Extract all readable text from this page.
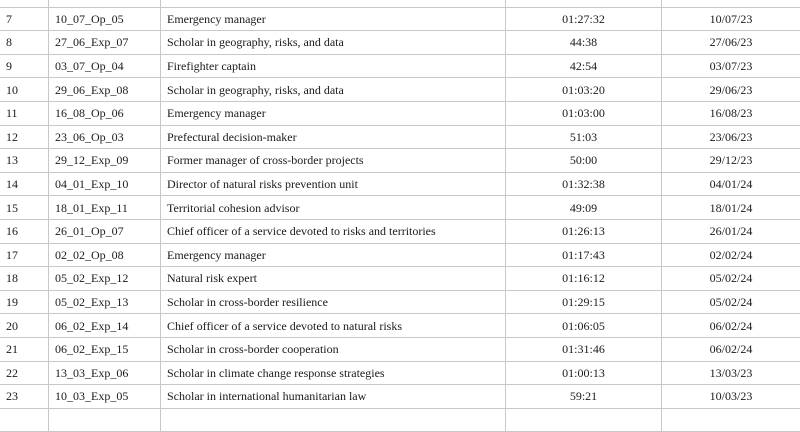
7	10_07_Op_05	Emergency manager	01:27:32	10/07/23
8	27_06_Exp_07	Scholar in geography, risks, and data	44:38	27/06/23
9	03_07_Op_04	Firefighter captain	42:54	03/07/23
10	29_06_Exp_08	Scholar in geography, risks, and data	01:03:20	29/06/23
11	16_08_Op_06	Emergency manager	01:03:00	16/08/23
12	23_06_Op_03	Prefectural decision-maker	51:03	23/06/23
13	29_12_Exp_09	Former manager of cross-border projects	50:00	29/12/23
14	04_01_Exp_10	Director of natural risks prevention unit	01:32:38	04/01/24
15	18_01_Exp_11	Territorial cohesion advisor	49:09	18/01/24
16	26_01_Op_07	Chief officer of a service devoted to risks and territories	01:26:13	26/01/24
17	02_02_Op_08	Emergency manager	01:17:43	02/02/24
18	05_02_Exp_12	Natural risk expert	01:16:12	05/02/24
19	05_02_Exp_13	Scholar in cross-border resilience	01:29:15	05/02/24
20	06_02_Exp_14	Chief officer of a service devoted to natural risks	01:06:05	06/02/24
21	06_02_Exp_15	Scholar in cross-border cooperation	01:31:46	06/02/24
22	13_03_Exp_06	Scholar in climate change response strategies	01:00:13	13/03/23
23	10_03_Exp_05	Scholar in international humanitarian law	59:21	10/03/23
